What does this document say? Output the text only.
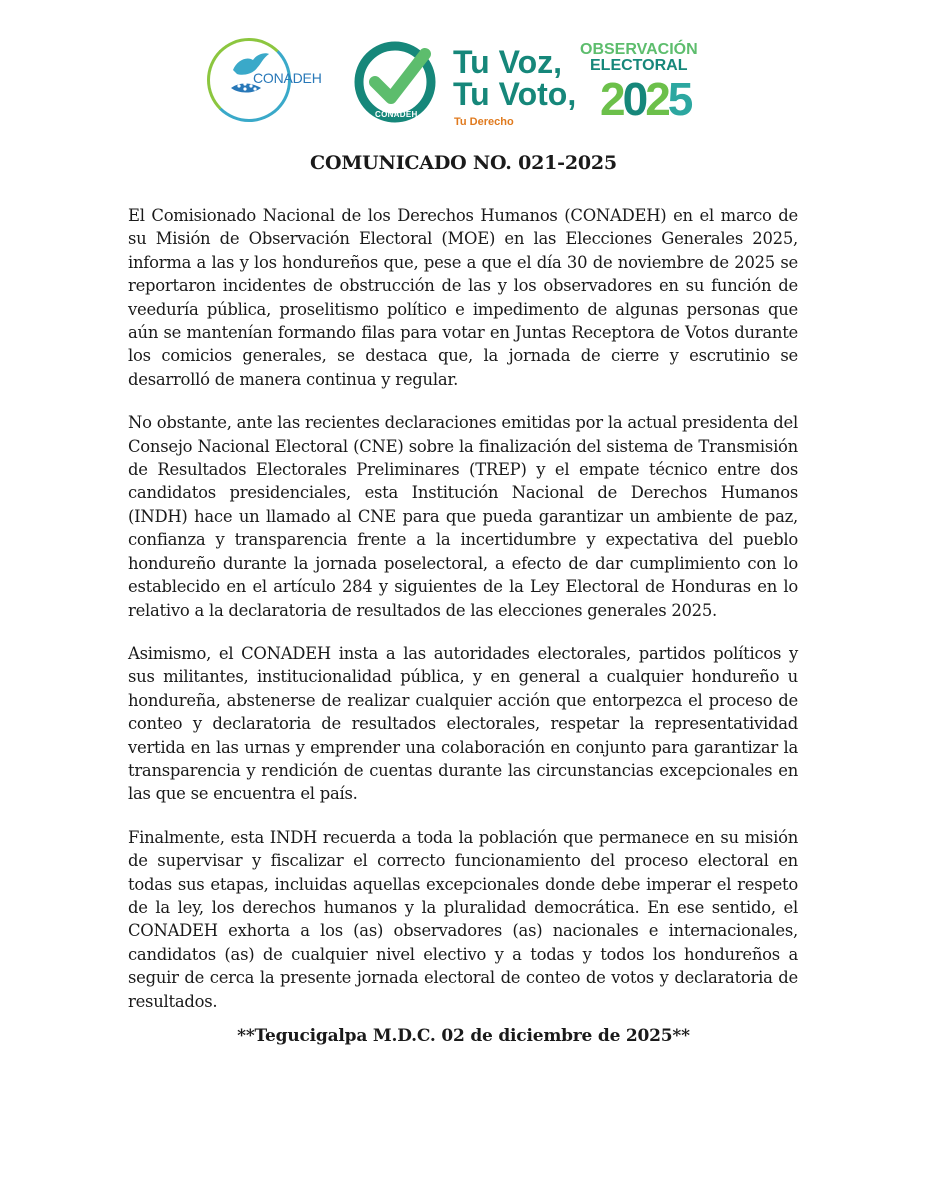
CONADEH
CONADEH
Tu Voz,
Tu Voto,
Tu Derecho
OBSERVACIÓN
ELECTORAL
2025
COMUNICADO NO. 021-2025

El Comisionado Nacional de los Derechos Humanos (CONADEH) en el marco de su Misión de Observación Electoral (MOE) en las Elecciones Generales 2025, informa a las y los hondureños que, pese a que el día 30 de noviembre de 2025 se reportaron incidentes de obstrucción de las y los observadores en su función de veeduría pública, proselitismo político e impedimento de algunas personas que aún se mantenían formando filas para votar en Juntas Receptora de Votos durante los comicios generales, se destaca que, la jornada de cierre y escrutinio se desarrolló de manera continua y regular.

No obstante, ante las recientes declaraciones emitidas por la actual presidenta del Consejo Nacional Electoral (CNE) sobre la finalización del sistema de Transmisión de Resultados Electorales Preliminares (TREP) y el empate técnico entre dos candidatos presidenciales, esta Institución Nacional de Derechos Humanos (INDH) hace un llamado al CNE para que pueda garantizar un ambiente de paz, confianza y transparencia frente a la incertidumbre y expectativa del pueblo hondureño durante la jornada poselectoral, a efecto de dar cumplimiento con lo establecido en el artículo 284 y siguientes de la Ley Electoral de Honduras en lo relativo a la declaratoria de resultados de las elecciones generales 2025.

Asimismo, el CONADEH insta a las autoridades electorales, partidos políticos y sus militantes, institucionalidad pública, y en general a cualquier hondureño u hondureña, abstenerse de realizar cualquier acción que entorpezca el proceso de conteo y declaratoria de resultados electorales, respetar la representatividad vertida en las urnas y emprender una colaboración en conjunto para garantizar la transparencia y rendición de cuentas durante las circunstancias excepcionales en las que se encuentra el país.

Finalmente, esta INDH recuerda a toda la población que permanece en su misión de supervisar y fiscalizar el correcto funcionamiento del proceso electoral en todas sus etapas, incluidas aquellas excepcionales donde debe imperar el respeto de la ley, los derechos humanos y la pluralidad democrática. En ese sentido, el CONADEH exhorta a los (as) observadores (as) nacionales e internacionales, candidatos (as) de cualquier nivel electivo y a todas y todos los hondureños a seguir de cerca la presente jornada electoral de conteo de votos y declaratoria de resultados.

**Tegucigalpa M.D.C. 02 de diciembre de 2025**
